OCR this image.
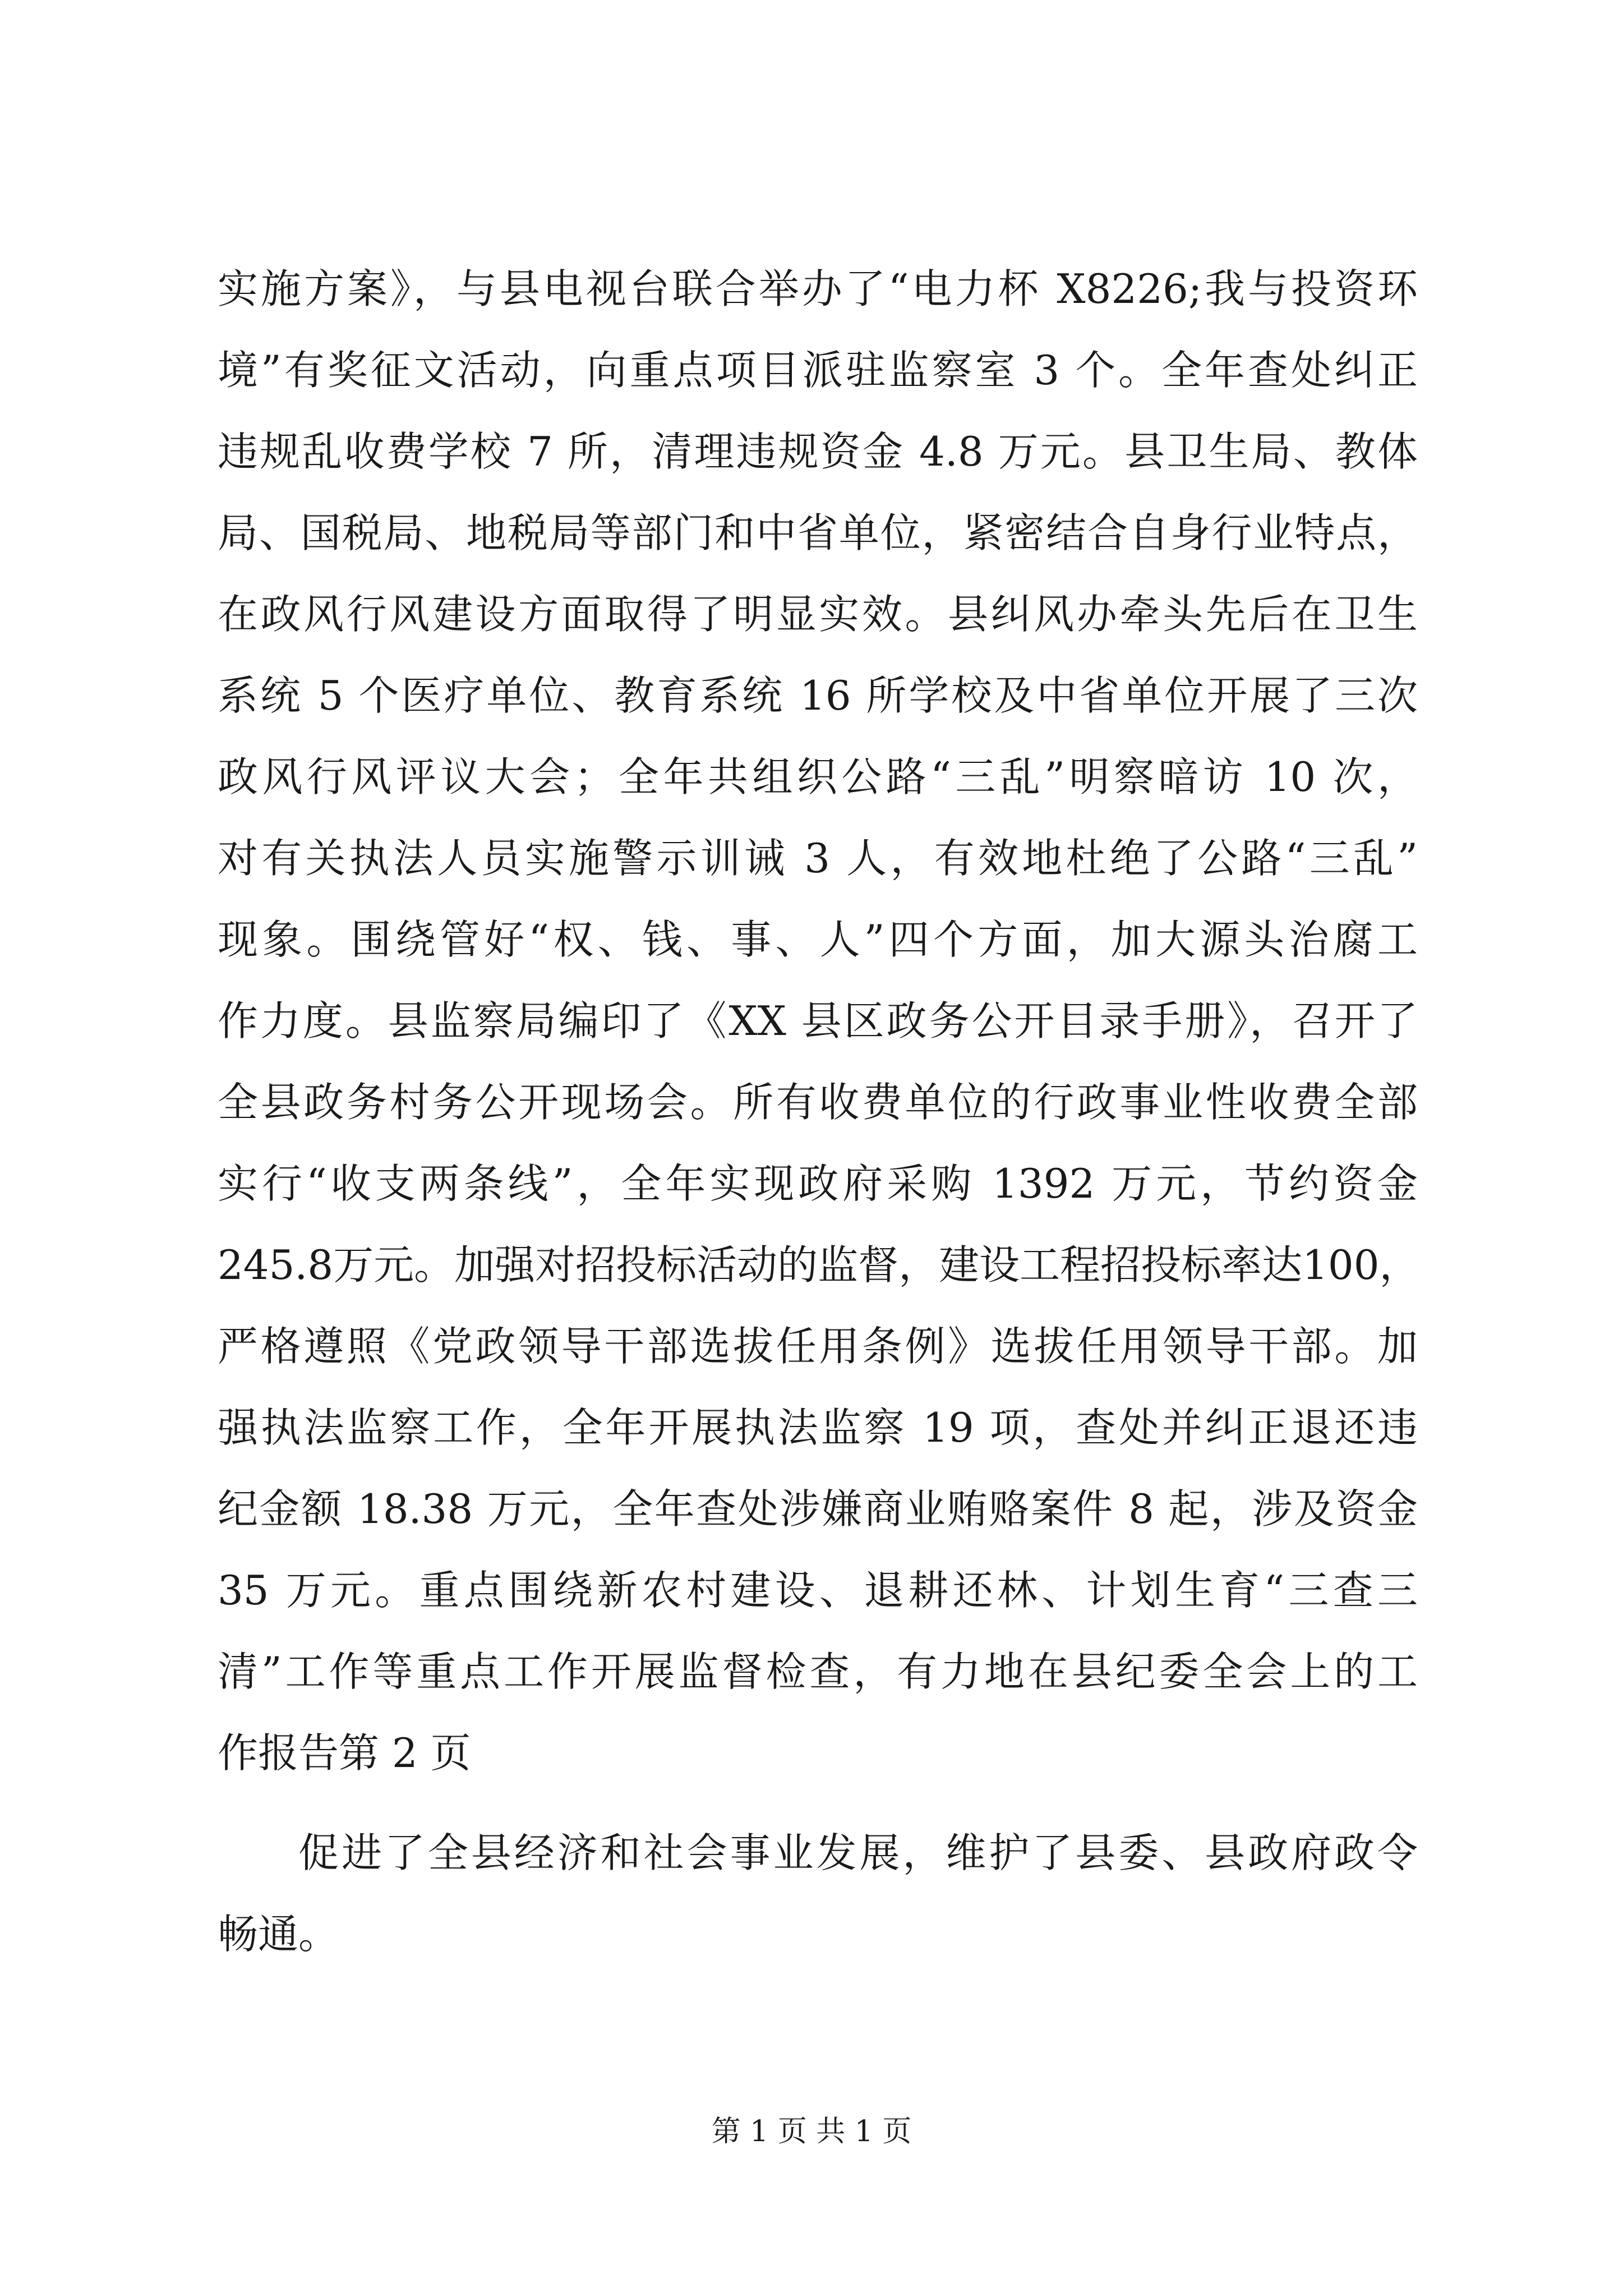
实施方案》，与县电视台联合举办了“电力杯 X8226;我与投资环
境”有奖征文活动，向重点项目派驻监察室 3 个。全年查处纠正
违规乱收费学校 7 所，清理违规资金 4.8 万元。县卫生局、教体
局、国税局、地税局等部门和中省单位，紧密结合自身行业特点，
在政风行风建设方面取得了明显实效。县纠风办牵头先后在卫生
系统 5 个医疗单位、教育系统 16 所学校及中省单位开展了三次
政风行风评议大会；全年共组织公路“三乱”明察暗访 10 次，
对有关执法人员实施警示训诫 3 人，有效地杜绝了公路“三乱”
现象。围绕管好“权、钱、事、人”四个方面，加大源头治腐工
作力度。县监察局编印了《XX 县区政务公开目录手册》，召开了
全县政务村务公开现场会。所有收费单位的行政事业性收费全部
实行“收支两条线”，全年实现政府采购 1392 万元，节约资金
245.8万元。加强对招投标活动的监督，建设工程招投标率达100，
严格遵照《党政领导干部选拔任用条例》选拔任用领导干部。加
强执法监察工作，全年开展执法监察 19 项，查处并纠正退还违
纪金额 18.38 万元，全年查处涉嫌商业贿赂案件 8 起，涉及资金
35 万元。重点围绕新农村建设、退耕还林、计划生育“三查三
清”工作等重点工作开展监督检查，有力地在县纪委全会上的工
作报告第 2 页
促进了全县经济和社会事业发展，维护了县委、县政府政令
畅通。
第 1 页 共 1 页
